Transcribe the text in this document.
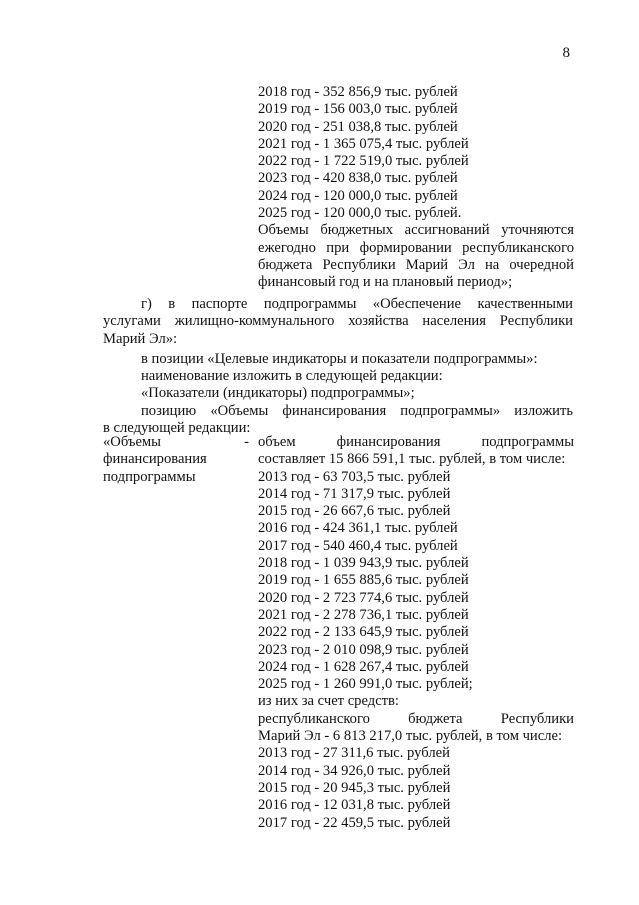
8
2018 год - 352 856,9 тыс. рублей
2019 год - 156 003,0 тыс. рублей
2020 год - 251 038,8 тыс. рублей
2021 год - 1 365 075,4 тыс. рублей
2022 год - 1 722 519,0 тыс. рублей
2023 год - 420 838,0 тыс. рублей
2024 год - 120 000,0 тыс. рублей
2025 год - 120 000,0 тыс. рублей.
Объемы бюджетных ассигнований уточняются
ежегодно при формировании республиканского
бюджета Республики Марий Эл на очередной
финансовый год и на плановый период»;
г) в паспорте подпрограммы «Обеспечение качественными
услугами жилищно-коммунального хозяйства населения Республики
Марий Эл»:
в позиции «Целевые индикаторы и показатели подпрограммы»:
наименование изложить в следующей редакции:
«Показатели (индикаторы) подпрограммы»;
позицию «Объемы финансирования подпрограммы» изложить
в следующей редакции:
«Объемы	-
финансирования
подпрограммы
объем финансирования подпрограммы
составляет 15 866 591,1 тыс. рублей, в том числе:
2013 год - 63 703,5 тыс. рублей
2014 год - 71 317,9 тыс. рублей
2015 год - 26 667,6 тыс. рублей
2016 год - 424 361,1 тыс. рублей
2017 год - 540 460,4 тыс. рублей
2018 год - 1 039 943,9 тыс. рублей
2019 год - 1 655 885,6 тыс. рублей
2020 год - 2 723 774,6 тыс. рублей
2021 год - 2 278 736,1 тыс. рублей
2022 год - 2 133 645,9 тыс. рублей
2023 год - 2 010 098,9 тыс. рублей
2024 год - 1 628 267,4 тыс. рублей
2025 год - 1 260 991,0 тыс. рублей;
из них за счет средств:
республиканского бюджета Республики
Марий Эл - 6 813 217,0 тыс. рублей, в том числе:
2013 год - 27 311,6 тыс. рублей
2014 год - 34 926,0 тыс. рублей
2015 год - 20 945,3 тыс. рублей
2016 год - 12 031,8 тыс. рублей
2017 год - 22 459,5 тыс. рублей
